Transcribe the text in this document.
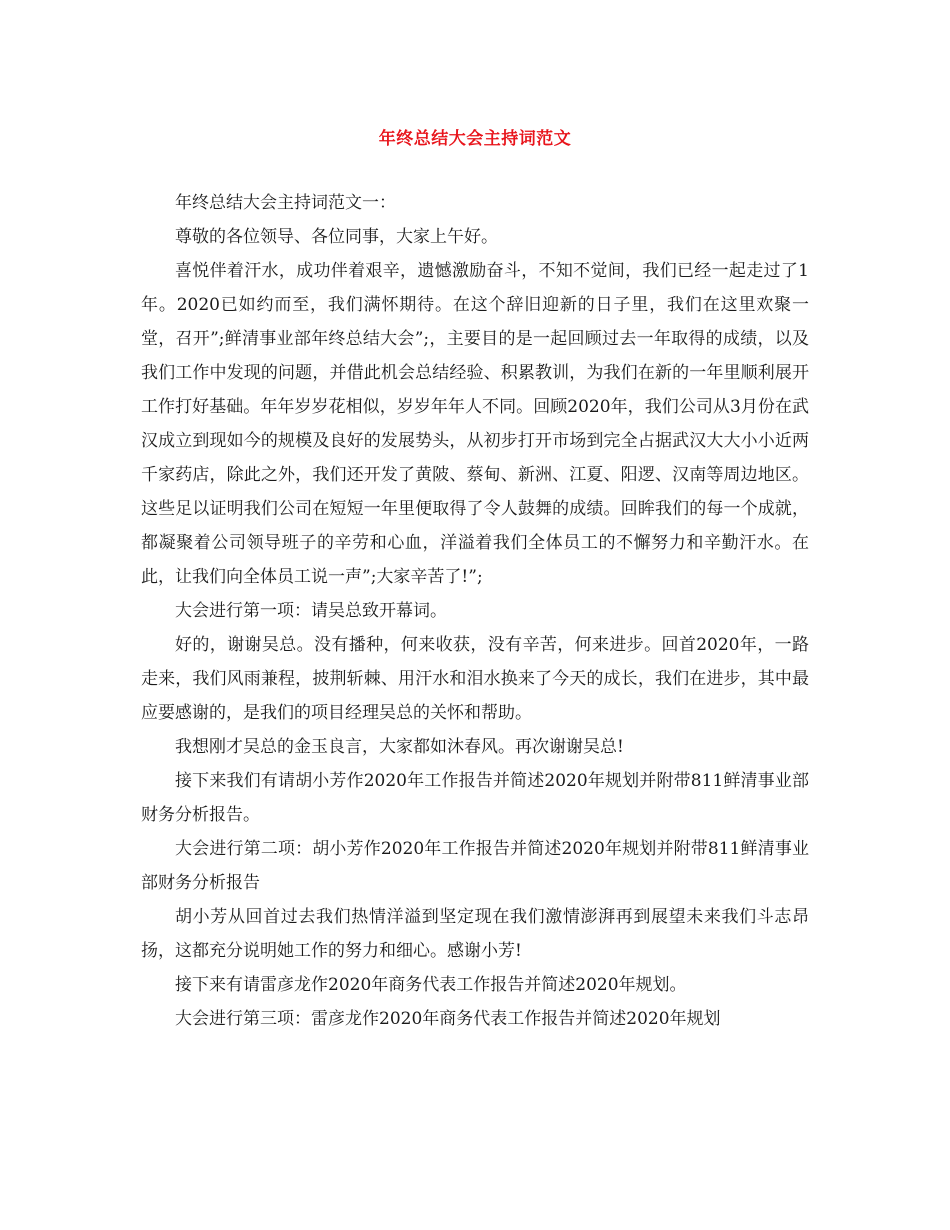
年终总结大会主持词范文

年终总结大会主持词范文一：

尊敬的各位领导、各位同事，大家上午好。

喜悦伴着汗水，成功伴着艰辛，遗憾激励奋斗，不知不觉间，我们已经一起走过了1年。2020已如约而至，我们满怀期待。在这个辞旧迎新的日子里，我们在这里欢聚一堂，召开”;鲜清事业部年终总结大会”;，主要目的是一起回顾过去一年取得的成绩，以及我们工作中发现的问题，并借此机会总结经验、积累教训，为我们在新的一年里顺利展开工作打好基础。年年岁岁花相似，岁岁年年人不同。回顾2020年，我们公司从3月份在武汉成立到现如今的规模及良好的发展势头，从初步打开市场到完全占据武汉大大小小近两千家药店，除此之外，我们还开发了黄陂、蔡甸、新洲、江夏、阳逻、汉南等周边地区。这些足以证明我们公司在短短一年里便取得了令人鼓舞的成绩。回眸我们的每一个成就，都凝聚着公司领导班子的辛劳和心血，洋溢着我们全体员工的不懈努力和辛勤汗水。在此，让我们向全体员工说一声”;大家辛苦了!”;

大会进行第一项：请吴总致开幕词。

好的，谢谢吴总。没有播种，何来收获，没有辛苦，何来进步。回首2020年，一路走来，我们风雨兼程，披荆斩棘、用汗水和泪水换来了今天的成长，我们在进步，其中最应要感谢的，是我们的项目经理吴总的关怀和帮助。

我想刚才吴总的金玉良言，大家都如沐春风。再次谢谢吴总!

接下来我们有请胡小芳作2020年工作报告并简述2020年规划并附带811鲜清事业部财务分析报告。

大会进行第二项：胡小芳作2020年工作报告并简述2020年规划并附带811鲜清事业部财务分析报告

胡小芳从回首过去我们热情洋溢到坚定现在我们激情澎湃再到展望未来我们斗志昂扬，这都充分说明她工作的努力和细心。感谢小芳!

接下来有请雷彦龙作2020年商务代表工作报告并简述2020年规划。

大会进行第三项：雷彦龙作2020年商务代表工作报告并简述2020年规划
